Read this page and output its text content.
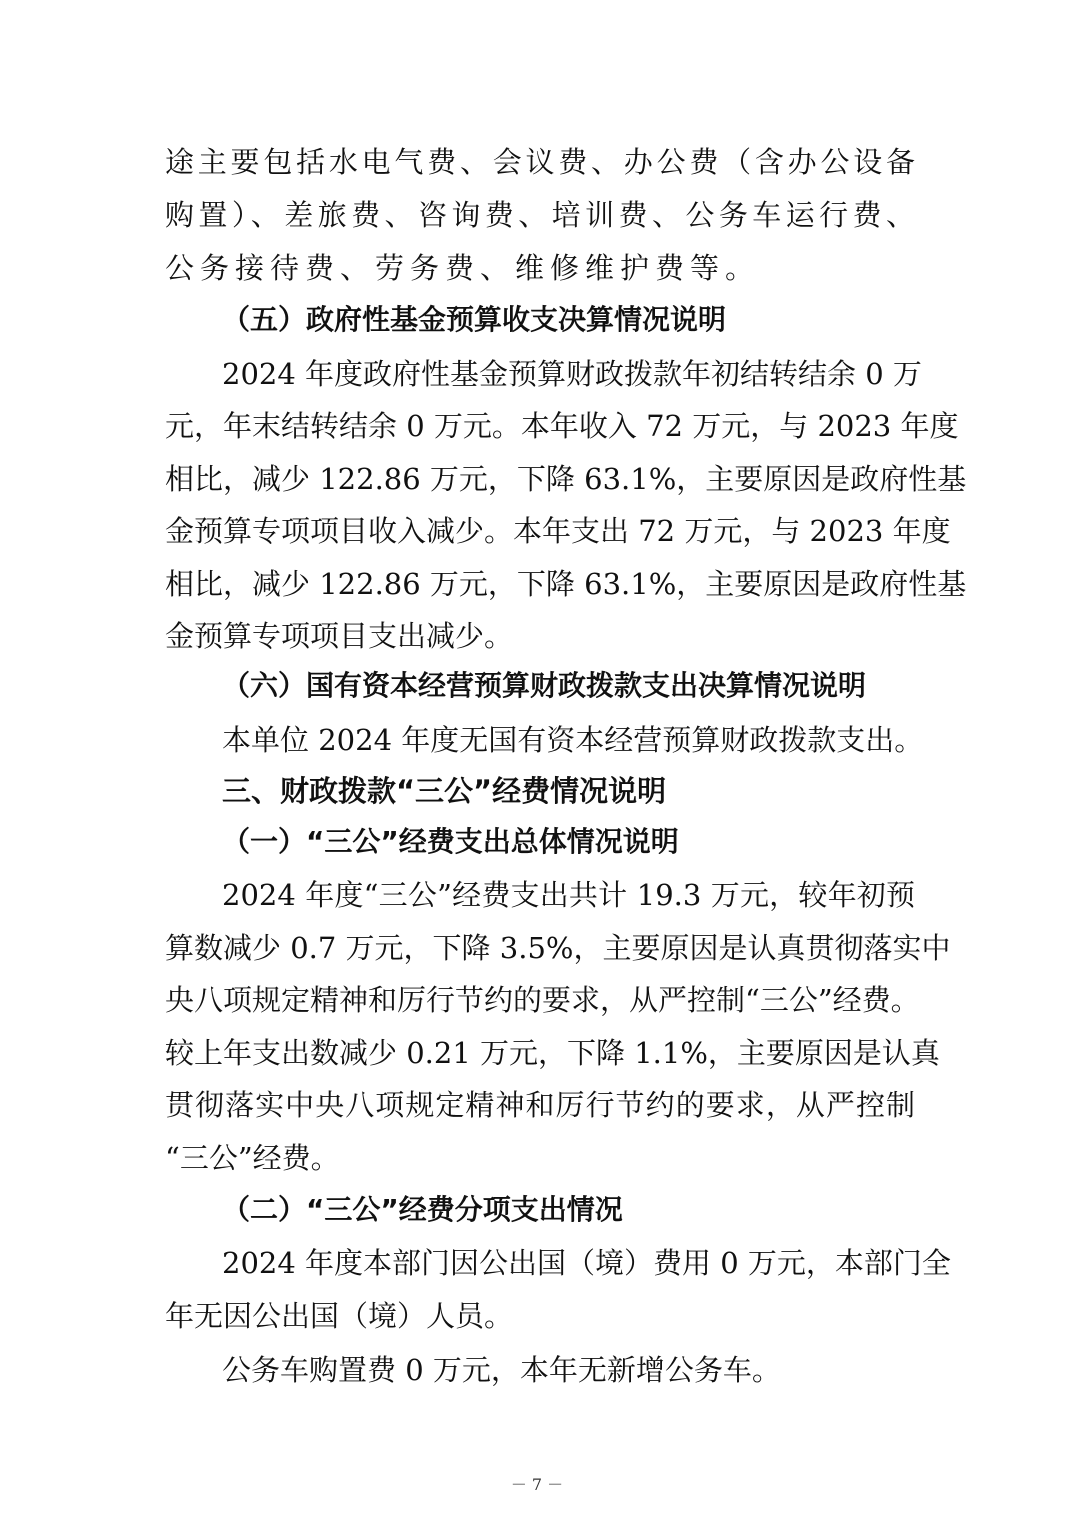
途主要包括水电气费、会议费、办公费（含办公设备
购置）、差旅费、咨询费、培训费、公务车运行费、
公务接待费、劳务费、维修维护费等。
（五）政府性基金预算收支决算情况说明
2024 年度政府性基金预算财政拨款年初结转结余 0 万
元，年末结转结余 0 万元。本年收入 72 万元，与 2023 年度
相比，减少 122.86 万元，下降 63.1%，主要原因是政府性基
金预算专项项目收入减少。本年支出 72 万元，与 2023 年度
相比，减少 122.86 万元，下降 63.1%，主要原因是政府性基
金预算专项项目支出减少。
（六）国有资本经营预算财政拨款支出决算情况说明
本单位 2024 年度无国有资本经营预算财政拨款支出。
三、财政拨款“三公”经费情况说明
（一）“三公”经费支出总体情况说明
2024 年度“三公”经费支出共计 19.3 万元，较年初预
算数减少 0.7 万元，下降 3.5%，主要原因是认真贯彻落实中
央八项规定精神和厉行节约的要求，从严控制“三公”经费。
较上年支出数减少 0.21 万元，下降 1.1%，主要原因是认真
贯彻落实中央八项规定精神和厉行节约的要求，从严控制
“三公”经费。
（二）“三公”经费分项支出情况
2024 年度本部门因公出国（境）费用 0 万元，本部门全
年无因公出国（境）人员。
公务车购置费 0 万元，本年无新增公务车。
－ 7 －
